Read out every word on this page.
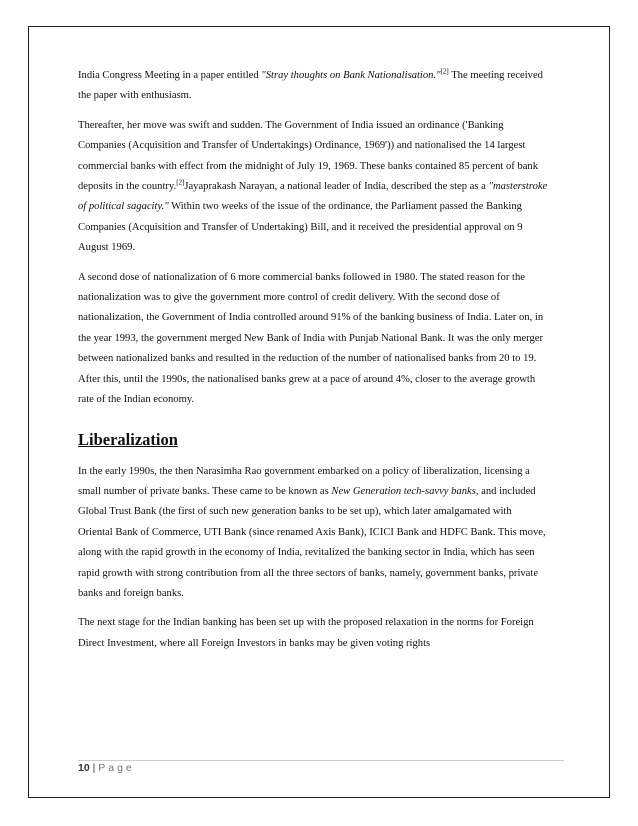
India Congress Meeting in a paper entitled "Stray thoughts on Bank Nationalisation."[2] The meeting received the paper with enthusiasm.

Thereafter, her move was swift and sudden. The Government of India issued an ordinance ('Banking Companies (Acquisition and Transfer of Undertakings) Ordinance, 1969')) and nationalised the 14 largest commercial banks with effect from the midnight of July 19, 1969. These banks contained 85 percent of bank deposits in the country.[2]Jayaprakash Narayan, a national leader of India, described the step as a "masterstroke of political sagacity." Within two weeks of the issue of the ordinance, the Parliament passed the Banking Companies (Acquisition and Transfer of Undertaking) Bill, and it received the presidential approval on 9 August 1969.

A second dose of nationalization of 6 more commercial banks followed in 1980. The stated reason for the nationalization was to give the government more control of credit delivery. With the second dose of nationalization, the Government of India controlled around 91% of the banking business of India. Later on, in the year 1993, the government merged New Bank of India with Punjab National Bank. It was the only merger between nationalized banks and resulted in the reduction of the number of nationalised banks from 20 to 19. After this, until the 1990s, the nationalised banks grew at a pace of around 4%, closer to the average growth rate of the Indian economy.

Liberalization

In the early 1990s, the then Narasimha Rao government embarked on a policy of liberalization, licensing a small number of private banks. These came to be known as New Generation tech-savvy banks, and included Global Trust Bank (the first of such new generation banks to be set up), which later amalgamated with Oriental Bank of Commerce, UTI Bank (since renamed Axis Bank), ICICI Bank and HDFC Bank. This move, along with the rapid growth in the economy of India, revitalized the banking sector in India, which has seen rapid growth with strong contribution from all the three sectors of banks, namely, government banks, private banks and foreign banks.

The next stage for the Indian banking has been set up with the proposed relaxation in the norms for Foreign Direct Investment, where all Foreign Investors in banks may be given voting rights

10 | Page
